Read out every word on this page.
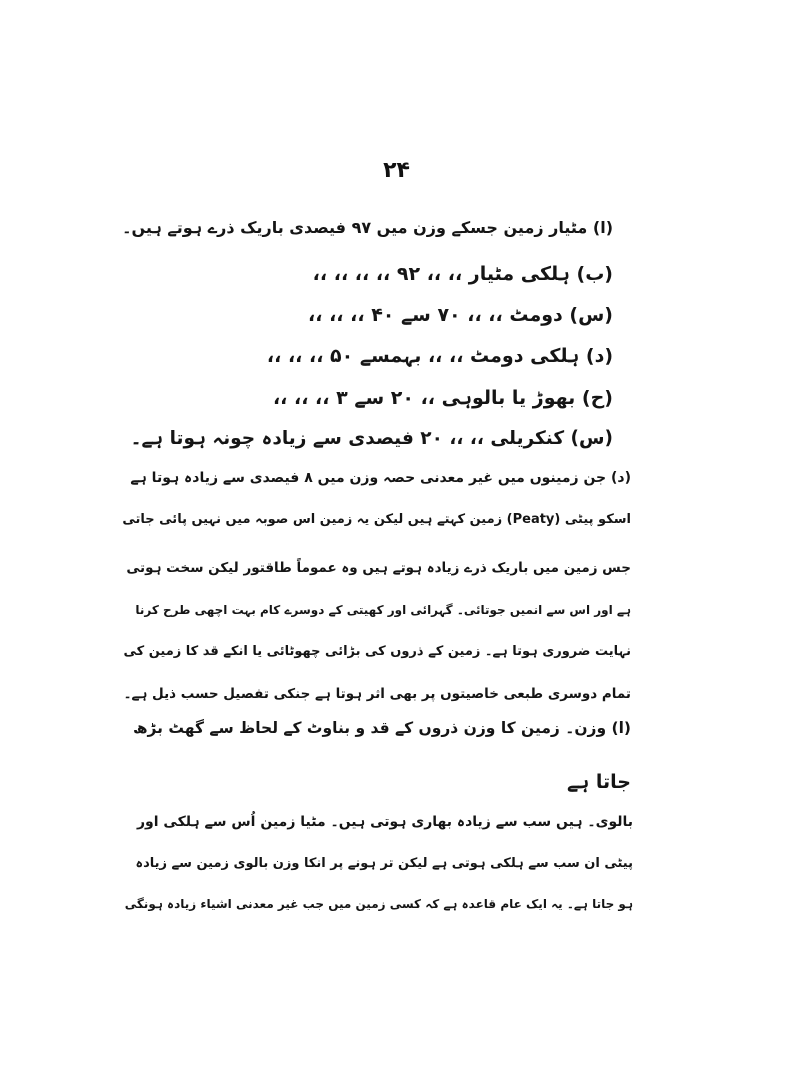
۲۴
(ا) مٹیار زمین جسکے وزن میں ۹۷ فیصدی باریک ذرے ہوتے ہیں۔
(ب) ہلکی مٹیار ،، ،، ۹۲ ،، ،، ،، ،،
(س) دومٹ ،، ،، ۷۰ سے ۴۰ ،، ،، ،،
(د) ہلکی دومٹ ،، ،، بہمسے ۵۰ ،، ،، ،،
(ح) بھوڑ یا بالوہی ،، ۲۰ سے ۳ ،، ،، ،،
(س) کنکریلی ،، ،، ۲۰ فیصدی سے زیادہ چونہ ہوتا ہے۔
(د) جن زمینوں میں غیر معدنی حصہ وزن میں ۸ فیصدی سے زیادہ ہوتا ہے
اسکو پیٹی (Peaty) زمین کہتے ہیں لیکن یہ زمین اس صوبہ میں نہیں پائی جاتی
جس زمین میں باریک ذرے زیادہ ہوتے ہیں وہ عموماً طاقتور لیکن سخت ہوتی
ہے اور اس سے انمیں جوتائی۔ گہرائی اور کھیتی کے دوسرے کام بہت اچھی طرح کرنا
نہایت ضروری ہوتا ہے۔ زمین کے ذروں کی بڑائی چھوٹائی یا انکے قد کا زمین کی
تمام دوسری طبعی خاصیتوں پر بھی اثر ہوتا ہے جنکی تفصیل حسب ذیل ہے۔
(ا) وزن۔ زمین کا وزن ذروں کے قد و بناوٹ کے لحاظ سے گھٹ بڑھ
جاتا ہے
بالوی۔ ہیں سب سے زیادہ بھاری ہوتی ہیں۔ مٹیا زمین اُس سے ہلکی اور
پیٹی ان سب سے ہلکی ہوتی ہے لیکن تر ہونے پر انکا وزن بالوی زمین سے زیادہ
ہو جاتا ہے۔ یہ ایک عام قاعدہ ہے کہ کسی زمین میں جب غیر معدنی اشیاء زیادہ ہونگی
